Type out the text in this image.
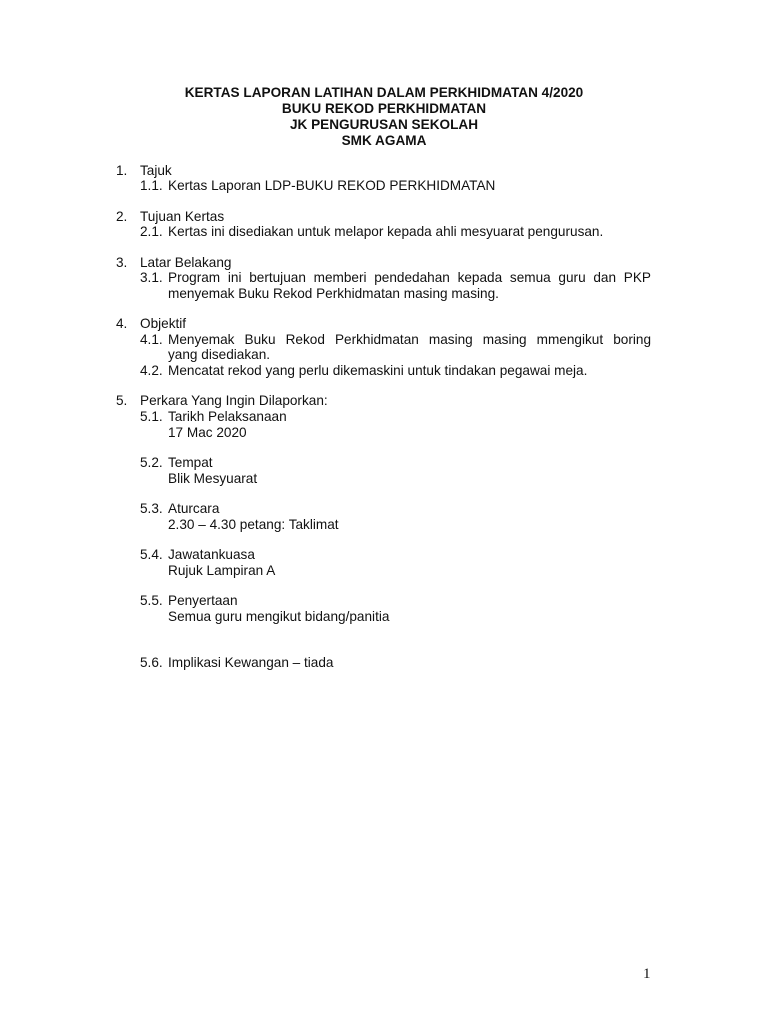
KERTAS LAPORAN LATIHAN DALAM PERKHIDMATAN 4/2020
BUKU REKOD PERKHIDMATAN
JK PENGURUSAN SEKOLAH
SMK AGAMA
1. Tajuk
1.1. Kertas Laporan LDP-BUKU REKOD PERKHIDMATAN
2. Tujuan Kertas
2.1. Kertas ini disediakan untuk melapor kepada ahli mesyuarat pengurusan.
3. Latar Belakang
3.1. Program ini bertujuan memberi pendedahan kepada semua guru dan PKP
menyemak Buku Rekod Perkhidmatan masing masing.
4. Objektif
4.1. Menyemak Buku Rekod Perkhidmatan masing masing mmengikut boring
yang disediakan.
4.2. Mencatat rekod yang perlu dikemaskini untuk tindakan pegawai meja.
5. Perkara Yang Ingin Dilaporkan:
5.1. Tarikh Pelaksanaan
17 Mac 2020
5.2. Tempat
Blik Mesyuarat
5.3. Aturcara
2.30 – 4.30 petang: Taklimat
5.4. Jawatankuasa
Rujuk Lampiran A
5.5. Penyertaan
Semua guru mengikut bidang/panitia
5.6. Implikasi Kewangan – tiada
1
